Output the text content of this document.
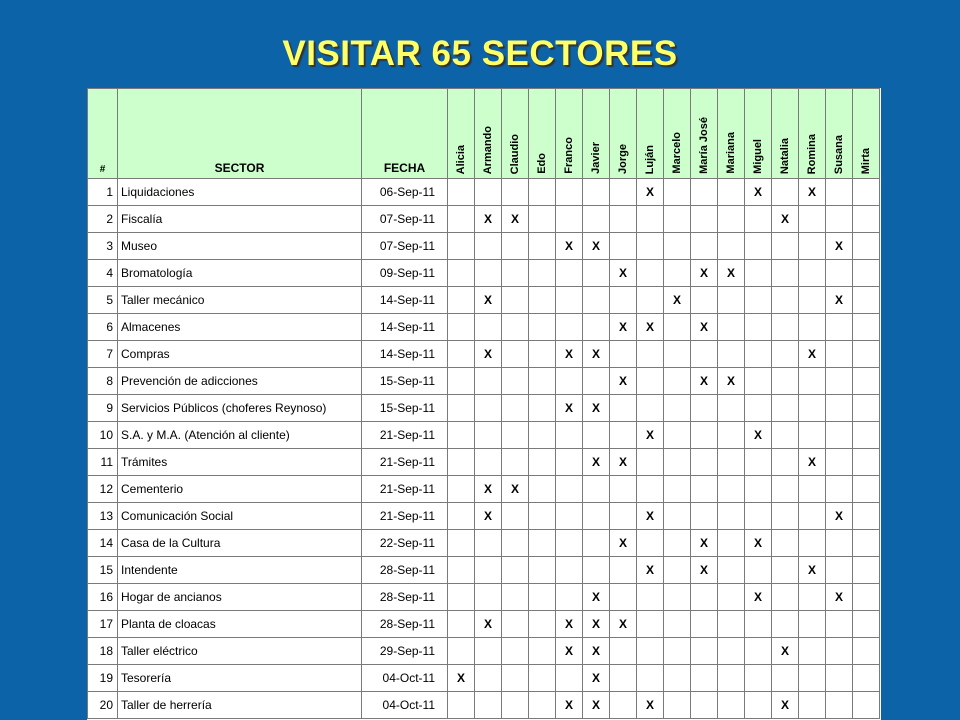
VISITAR 65 SECTORES
#	SECTOR	FECHA	Alicia	Armando	Claudio	Edo	Franco	Javier	Jorge	Luján	Marcelo	María José	Mariana	Miguel	Natalia	Romina	Susana	Mirta

1	Liquidaciones	06-Sep-11								X				X		X		
2	Fiscalía	07-Sep-11		X	X										X			
3	Museo	07-Sep-11					X	X									X	
4	Bromatología	09-Sep-11							X			X	X					
5	Taller mecánico	14-Sep-11		X							X						X	
6	Almacenes	14-Sep-11							X	X		X						
7	Compras	14-Sep-11		X			X	X								X		
8	Prevención de adicciones	15-Sep-11							X			X	X					
9	Servicios Públicos (choferes Reynoso)	15-Sep-11					X	X										
10	S.A. y M.A. (Atención al cliente)	21-Sep-11								X				X				
11	Trámites	21-Sep-11						X	X							X		
12	Cementerio	21-Sep-11		X	X													
13	Comunicación Social	21-Sep-11		X						X							X	
14	Casa de la Cultura	22-Sep-11							X			X		X				
15	Intendente	28-Sep-11								X		X				X		
16	Hogar de ancianos	28-Sep-11						X						X			X	
17	Planta de cloacas	28-Sep-11		X			X	X	X									
18	Taller eléctrico	29-Sep-11					X	X							X			
19	Tesorería	04-Oct-11	X					X										
20	Taller de herrería	04-Oct-11					X	X		X					X			
